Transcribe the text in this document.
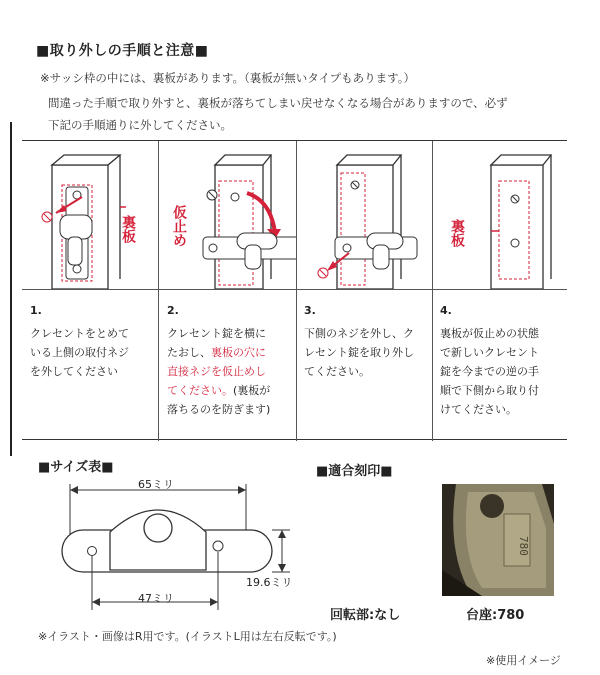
■取り外しの手順と注意■
※サッシ枠の中には、裏板があります。（裏板が無いタイプもあります。）
間違った手順で取り外すと、裏板が落ちてしまい戻せなくなる場合がありますので、必ず
下記の手順通りに外してください。
裏板	仮止め	裏板
1.
クレセントをとめて
いる上側の取付ネジ
を外してください
2.
クレセント錠を横に
たおし、裏板の穴に
直接ネジを仮止めし
てください。(裏板が
落ちるのを防ぎます)
3.
下側のネジを外し、ク
レセント錠を取り外し
てください。
4.
裏板が仮止めの状態
で新しいクレセント
錠を今までの逆の手
順で下側から取り付
けてください。
■サイズ表■
65ミリ
19.6ミリ
47ミリ
■適合刻印■
780
回転部:なし	台座:780
※イラスト・画像はR用です。(イラストL用は左右反転です。)
※使用イメージ
